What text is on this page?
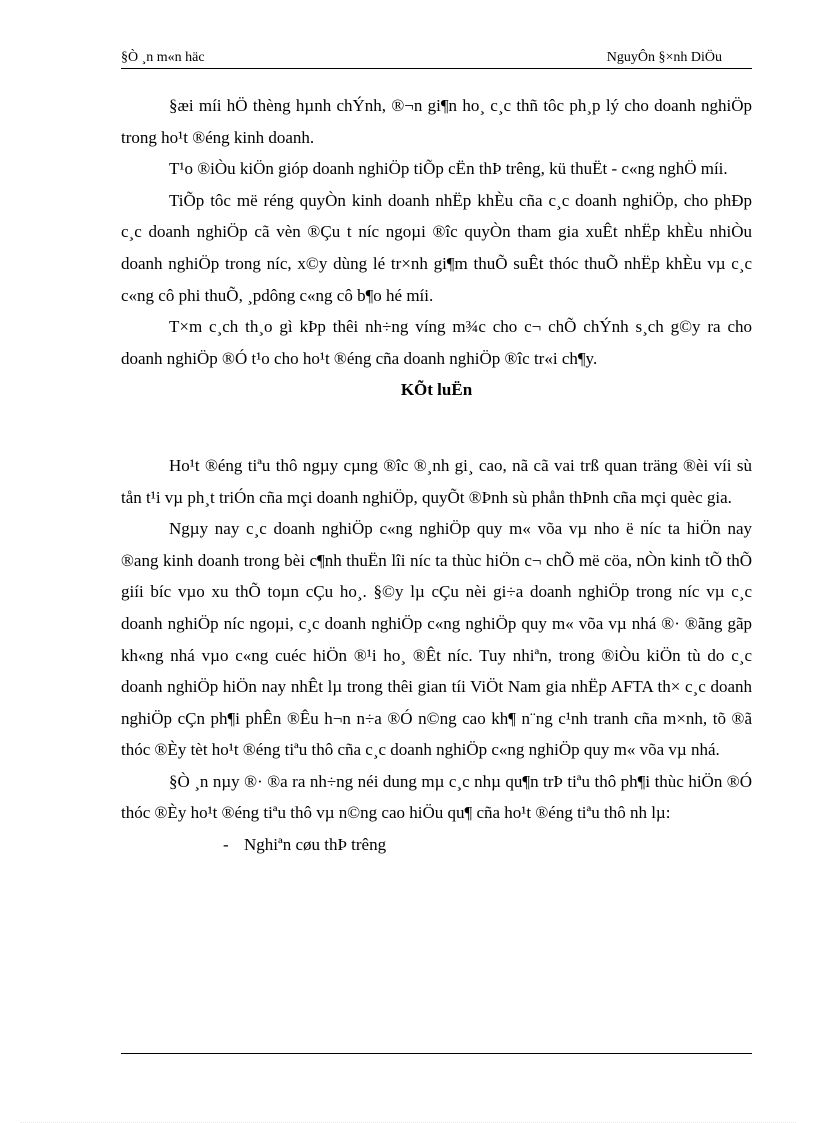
§Ò ¸n m«n häc	NguyÔn §×nh DiÖu

§æi míi hÖ thèng hµnh chÝnh, ®¬n gi¶n ho¸ c¸c thñ tôc ph¸p lý cho doanh nghiÖp trong ho¹t ®éng kinh doanh.

T¹o ®iÒu kiÖn gióp doanh nghiÖp tiÕp cËn thÞ trêng, kü thuËt - c«ng nghÖ míi.

TiÕp tôc më réng quyÒn kinh doanh nhËp khÈu cña c¸c doanh nghiÖp, cho phÐp c¸c doanh nghiÖp cã vèn ®Çu t níc ngoµi ®îc quyÒn tham gia xuÊt nhËp khÈu nhiÒu doanh nghiÖp trong níc, x©y dùng lé tr×nh gi¶m thuÕ suÊt thóc thuÕ nhËp khÈu vµ c¸c c«ng cô phi thuÕ, ¸pdông c«ng cô b¶o hé míi.

T×m c¸ch th¸o gì kÞp thêi nh÷ng víng m¾c cho c¬ chÕ chÝnh s¸ch g©y ra cho doanh nghiÖp ®Ó t¹o cho ho¹t ®éng cña doanh nghiÖp ®îc tr«i ch¶y.

KÕt luËn

Ho¹t ®éng tiªu thô ngµy cµng ®îc ®¸nh gi¸ cao, nã cã vai trß quan träng ®èi víi sù tån t¹i vµ ph¸t triÓn cña mçi doanh nghiÖp, quyÕt ®Þnh sù phån thÞnh cña mçi quèc gia.

Ngµy nay c¸c doanh nghiÖp c«ng nghiÖp quy m« võa vµ nho ë níc ta hiÖn nay ®ang kinh doanh trong bèi c¶nh thuËn lîi níc ta thùc hiÖn c¬ chÕ më cöa, nÒn kinh tÕ thÕ giíi bíc vµo xu thÕ toµn cÇu ho¸. §©y lµ cÇu nèi gi÷a doanh nghiÖp trong níc vµ c¸c doanh nghiÖp níc ngoµi, c¸c doanh nghiÖp c«ng nghiÖp quy m« võa vµ nhá ®· ®ãng gãp kh«ng nhá vµo c«ng cuéc hiÖn ®¹i ho¸ ®Êt níc. Tuy nhiªn, trong ®iÒu kiÖn tù do c¸c doanh nghiÖp hiÖn nay nhÊt lµ trong thêi gian tíi ViÖt Nam gia nhËp AFTA th× c¸c doanh nghiÖp cÇn ph¶i phÊn ®Êu h¬n n÷a ®Ó n©ng cao kh¶ n¨ng c¹nh tranh cña m×nh, tõ ®ã thóc ®Èy tèt ho¹t ®éng tiªu thô cña c¸c doanh nghiÖp c«ng nghiÖp quy m« võa vµ nhá.

§Ò ¸n nµy ®· ®a ra nh÷ng néi dung mµ c¸c nhµ qu¶n trÞ tiªu thô ph¶i thùc hiÖn ®Ó thóc ®Èy ho¹t ®éng tiªu thô vµ n©ng cao hiÖu qu¶ cña ho¹t ®éng tiªu thô nh lµ:

- Nghiªn cøu thÞ trêng
